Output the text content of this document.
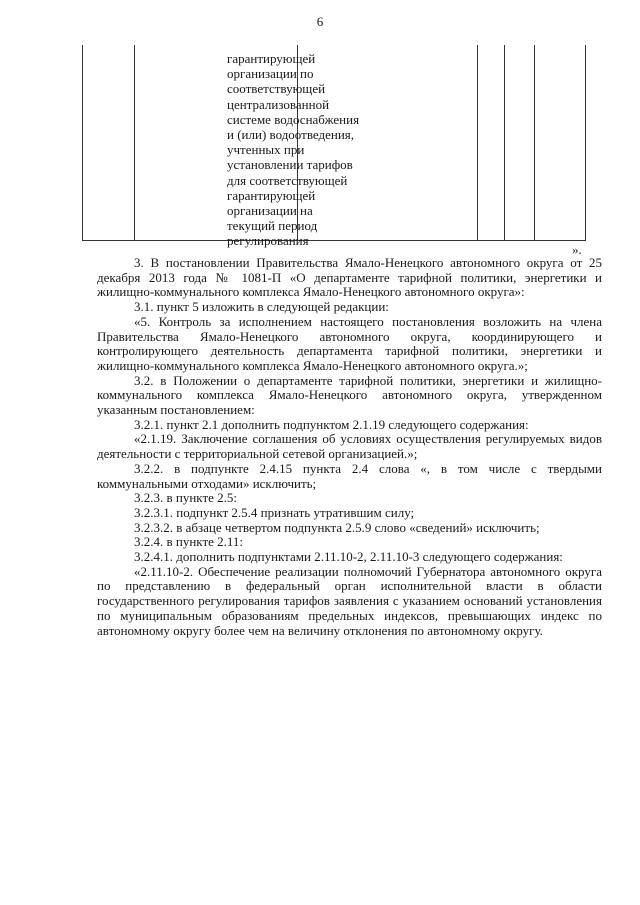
6

гарантирующей
организации по
соответствующей
централизованной
системе водоснабжения
и (или) водоотведения,
учтенных при
установлении тарифов
для соответствующей
гарантирующей
организации на
текущий период
регулирования

».

3. В постановлении Правительства Ямало-Ненецкого автономного округа от 25 декабря 2013 года № 1081-П «О департаменте тарифной политики, энергетики и жилищно-коммунального комплекса Ямало-Ненецкого автономного округа»:

3.1. пункт 5 изложить в следующей редакции:

«5. Контроль за исполнением настоящего постановления возложить на члена Правительства Ямало-Ненецкого автономного округа, координирующего и контролирующего деятельность департамента тарифной политики, энергетики и жилищно-коммунального комплекса Ямало-Ненецкого автономного округа.»;

3.2. в Положении о департаменте тарифной политики, энергетики и жилищно-коммунального комплекса Ямало-Ненецкого автономного округа, утвержденном указанным постановлением:

3.2.1. пункт 2.1 дополнить подпунктом 2.1.19 следующего содержания:

«2.1.19. Заключение соглашения об условиях осуществления регулируемых видов деятельности с территориальной сетевой организацией.»;

3.2.2. в подпункте 2.4.15 пункта 2.4 слова «, в том числе с твердыми коммунальными отходами» исключить;

3.2.3. в пункте 2.5:

3.2.3.1. подпункт 2.5.4 признать утратившим силу;

3.2.3.2. в абзаце четвертом подпункта 2.5.9 слово «сведений» исключить;

3.2.4. в пункте 2.11:

3.2.4.1. дополнить подпунктами 2.11.10-2, 2.11.10-3 следующего содержания:

«2.11.10-2. Обеспечение реализации полномочий Губернатора автономного округа по представлению в федеральный орган исполнительной власти в области государственного регулирования тарифов заявления с указанием оснований установления по муниципальным образованиям предельных индексов, превышающих индекс по автономному округу более чем на величину отклонения по автономному округу.
